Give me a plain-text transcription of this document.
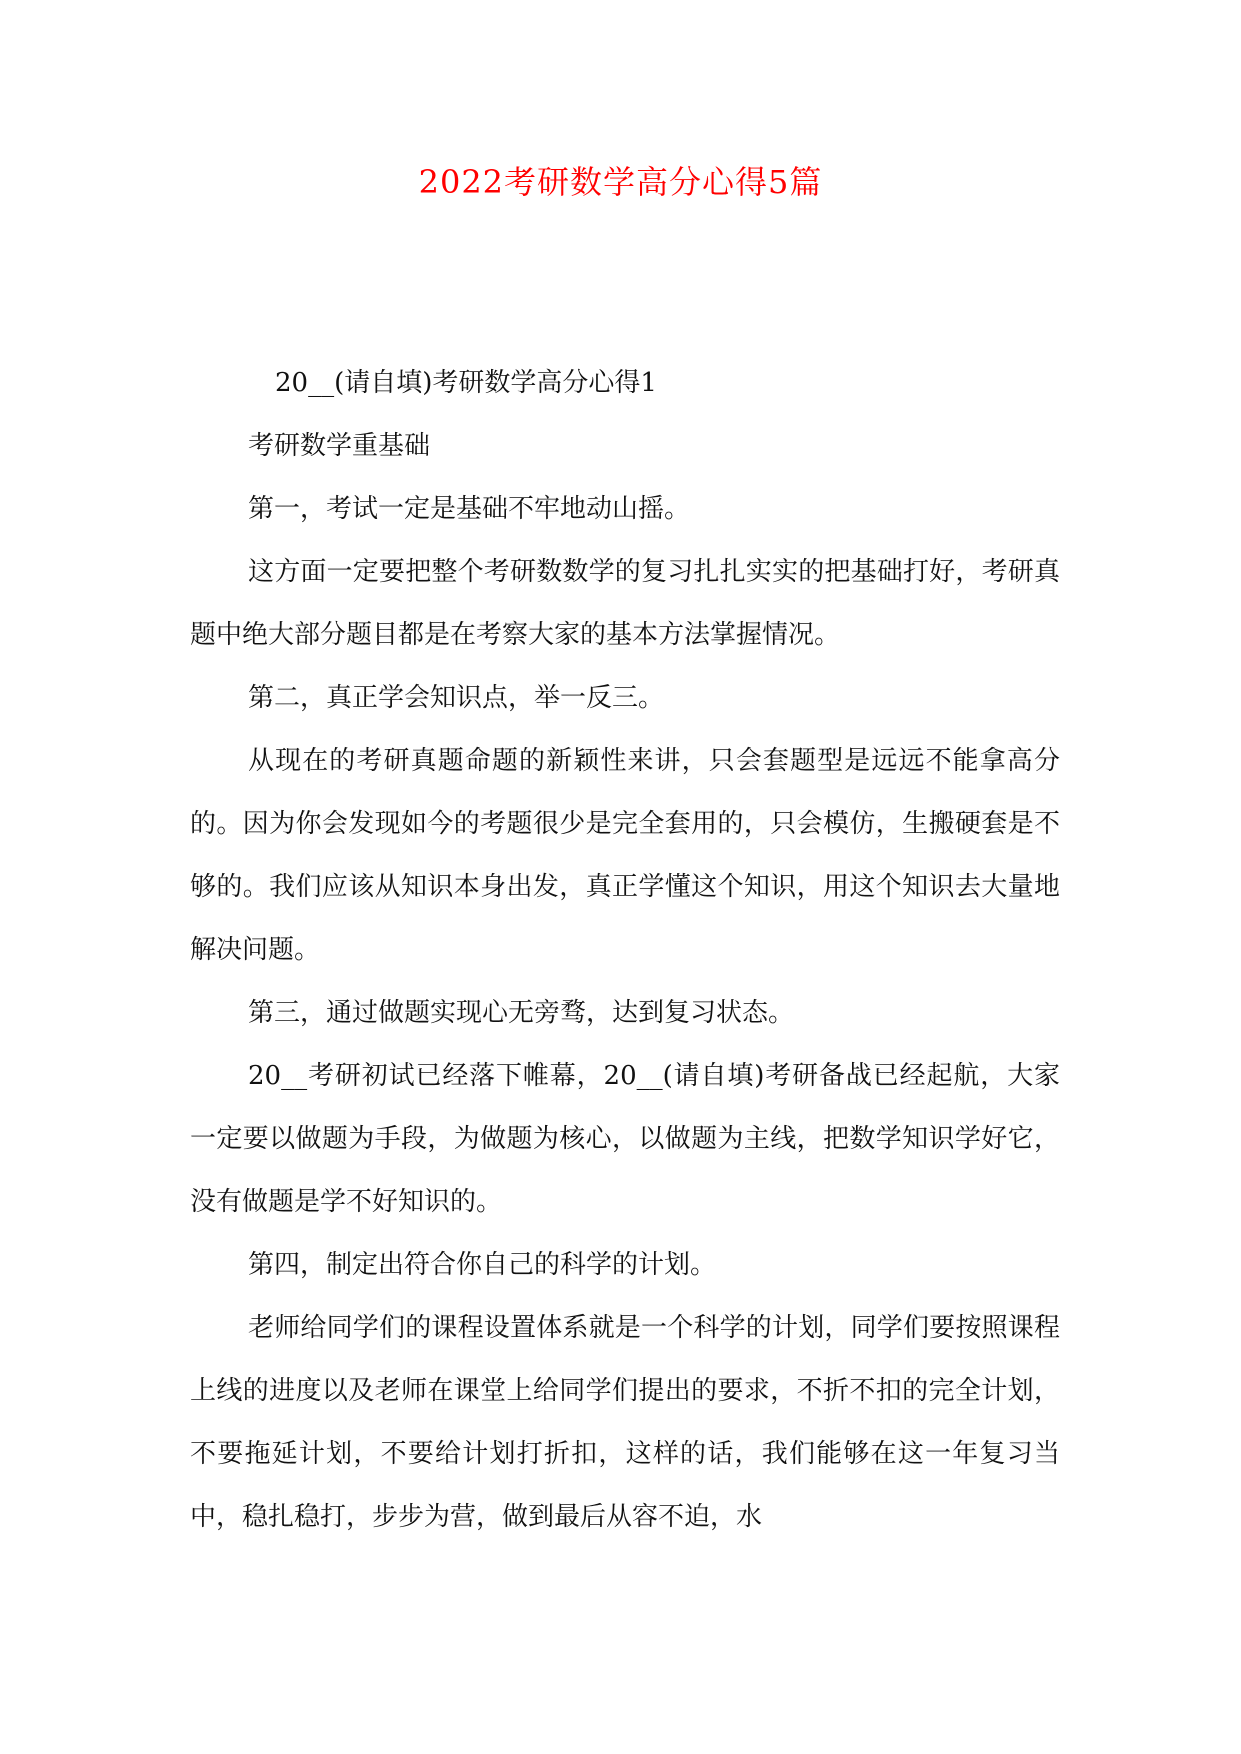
2022考研数学高分心得5篇

20__(请自填)考研数学高分心得1

考研数学重基础

第一，考试一定是基础不牢地动山摇。

这方面一定要把整个考研数数学的复习扎扎实实的把基础打好，考研真题中绝大部分题目都是在考察大家的基本方法掌握情况。

第二，真正学会知识点，举一反三。

从现在的考研真题命题的新颖性来讲，只会套题型是远远不能拿高分的。因为你会发现如今的考题很少是完全套用的，只会模仿，生搬硬套是不够的。我们应该从知识本身出发，真正学懂这个知识，用这个知识去大量地解决问题。

第三，通过做题实现心无旁骛，达到复习状态。

20__考研初试已经落下帷幕，20__(请自填)考研备战已经起航，大家一定要以做题为手段，为做题为核心，以做题为主线，把数学知识学好它，没有做题是学不好知识的。

第四，制定出符合你自己的科学的计划。

老师给同学们的课程设置体系就是一个科学的计划，同学们要按照课程上线的进度以及老师在课堂上给同学们提出的要求，不折不扣的完全计划，不要拖延计划，不要给计划打折扣，这样的话，我们能够在这一年复习当中，稳扎稳打，步步为营，做到最后从容不迫，水
